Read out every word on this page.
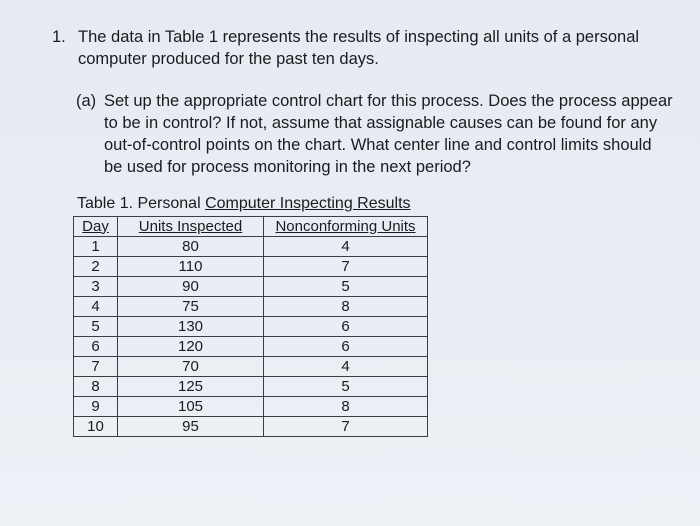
1. The data in Table 1 represents the results of inspecting all units of a personal
computer produced for the past ten days.
(a) Set up the appropriate control chart for this process. Does the process appear
to be in control? If not, assume that assignable causes can be found for any
out-of-control points on the chart. What center line and control limits should
be used for process monitoring in the next period?
Table 1. Personal Computer Inspecting Results
Day	Units Inspected	Nonconforming Units
1	80	4
2	110	7
3	90	5
4	75	8
5	130	6
6	120	6
7	70	4
8	125	5
9	105	8
10	95	7
